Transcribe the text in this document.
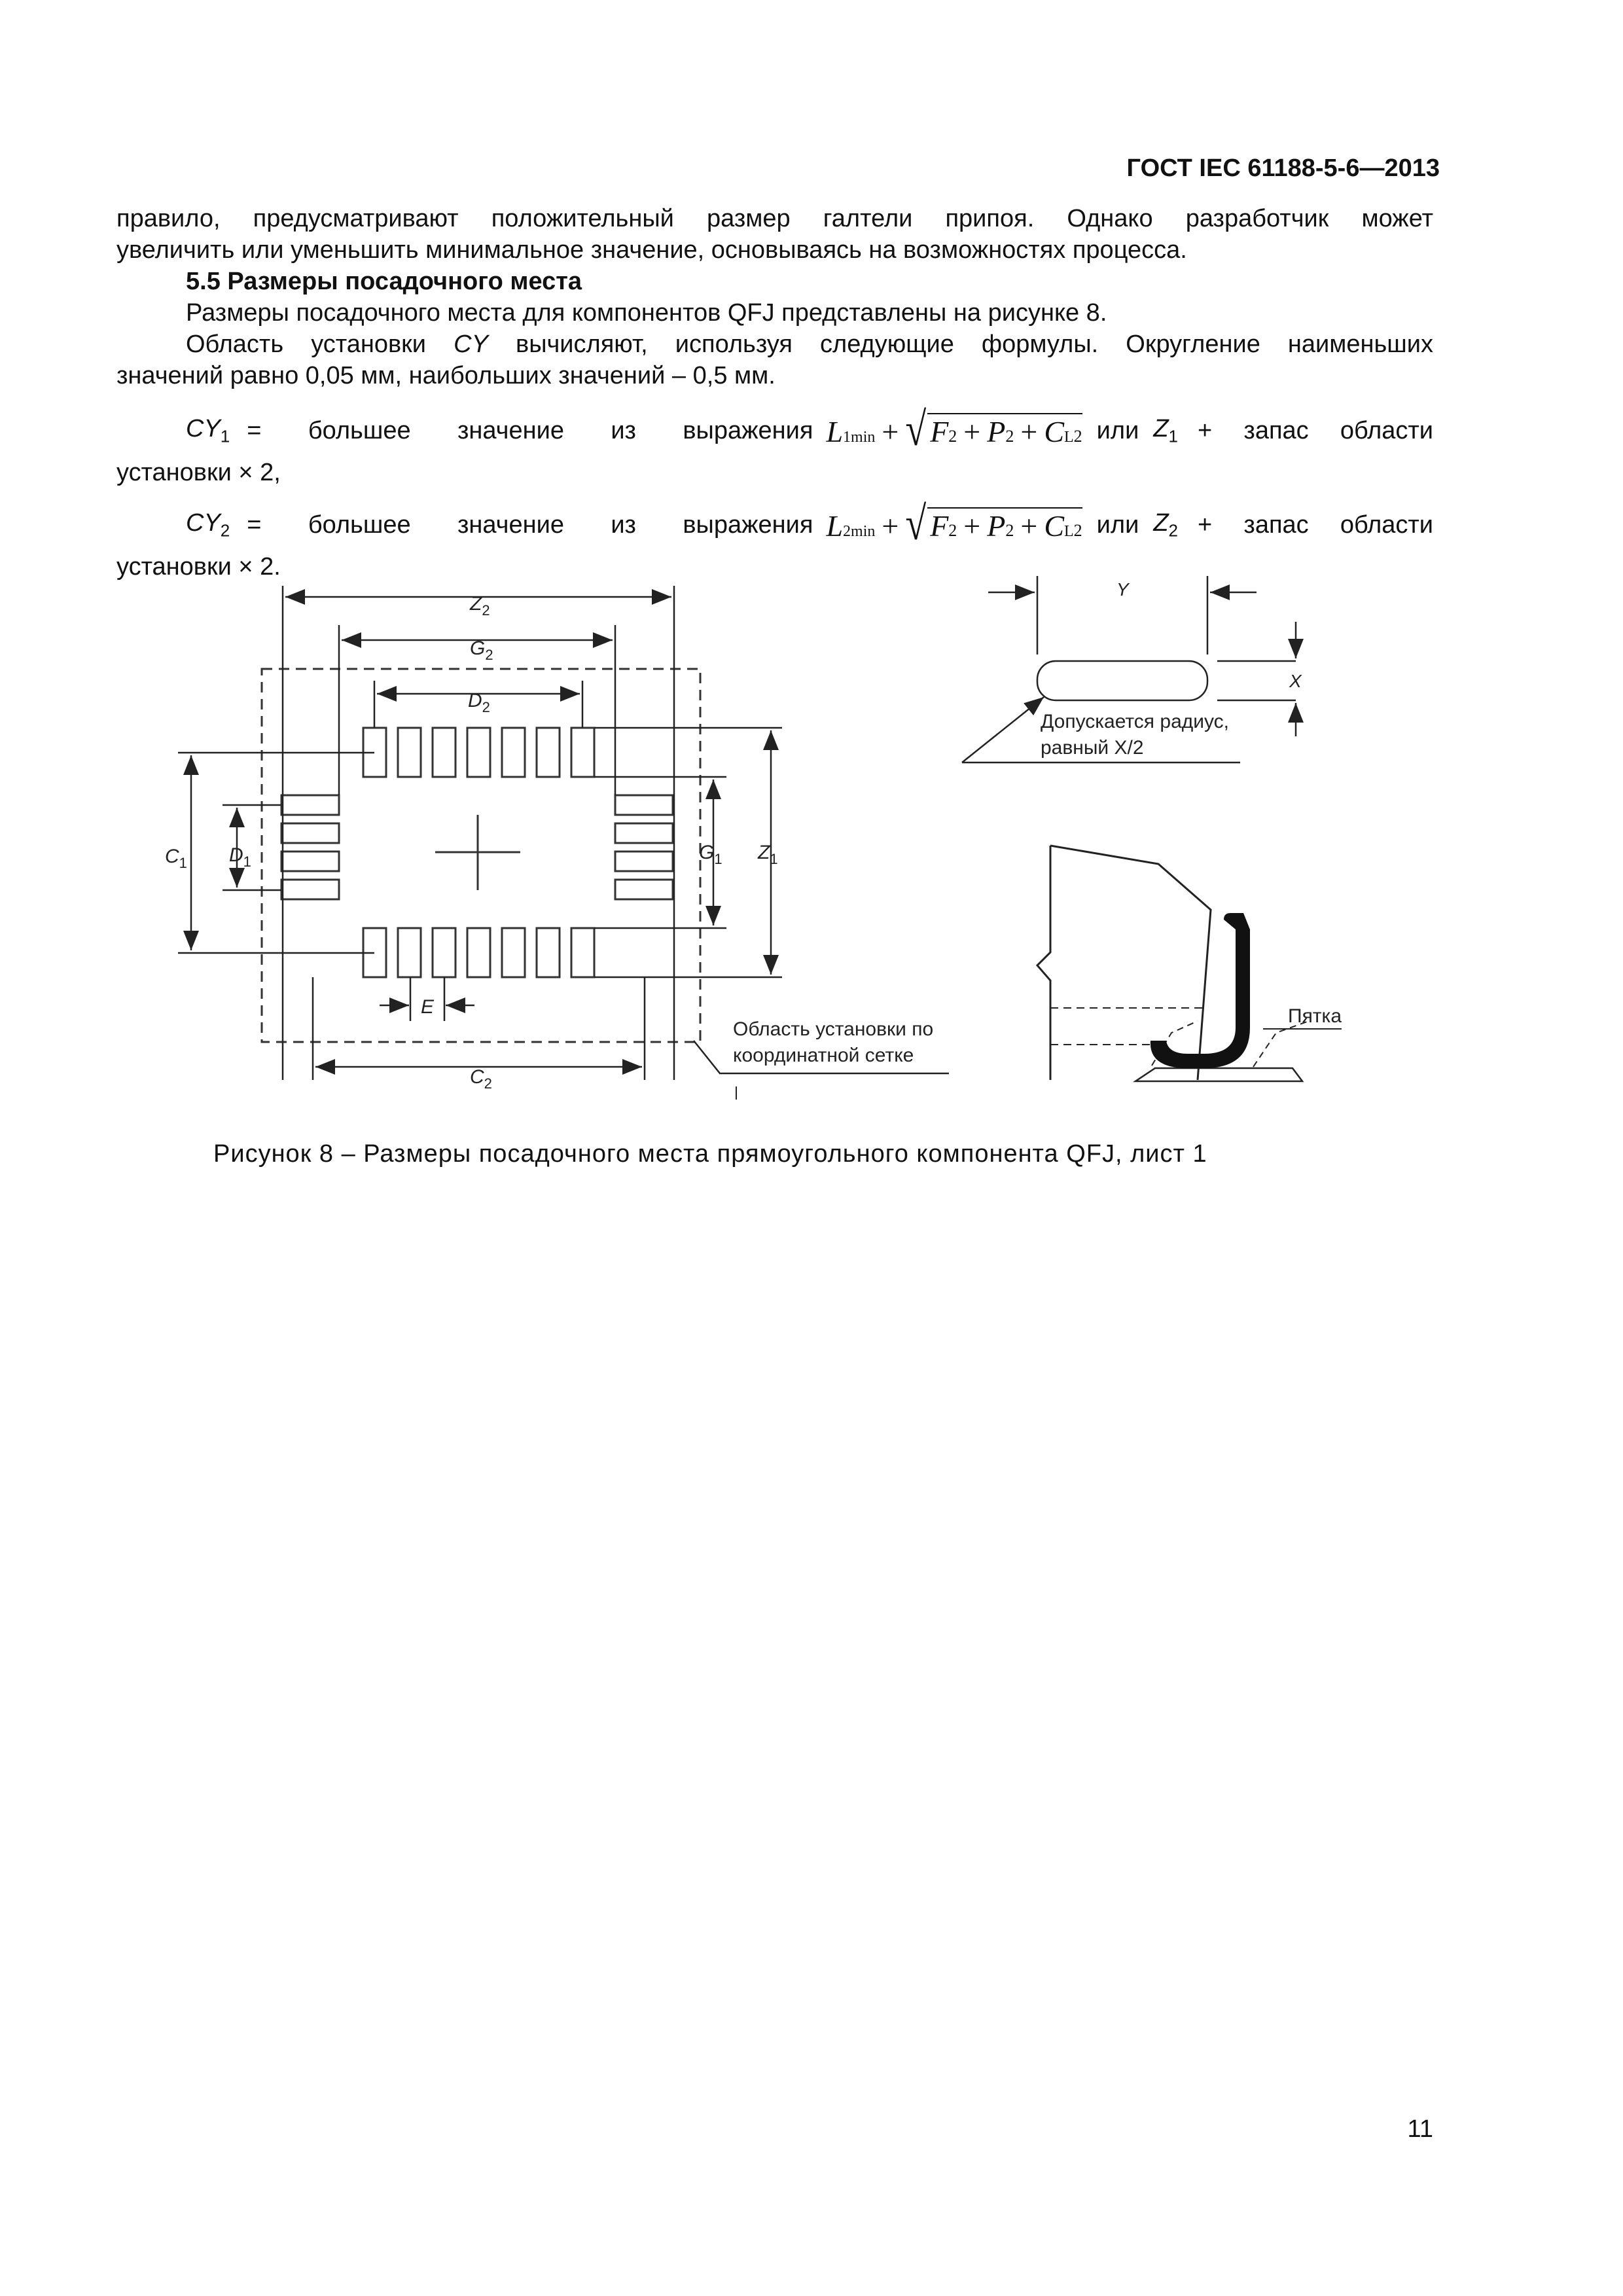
ГОСТ IEC 61188-5-6—2013
правило, предусматривают положительный размер галтели припоя. Однако разработчик может
увеличить или уменьшить минимальное значение, основываясь на возможностях процесса.
5.5 Размеры посадочного места
Размеры посадочного места для компонентов QFJ представлены на рисунке 8.
Область установки CY вычисляют, используя следующие формулы. Округление наименьших
значений равно 0,05 мм, наибольших значений – 0,5 мм.
$CY_1$ = большее значение из выражения L 1min + √ F 2 + P 2 + C L 2 или $Z_1$ + запас области
установки × 2,
$CY_2$ = большее значение из выражения L 2min + √ F 2 + P 2 + C L 2 или $Z_2$ + запас области
установки × 2.
$Z_2$
$G_2$
$D_2$
$C_1$ $D_1$	$G_1$ $Z_1$
E
$C_2$
Область установки по
координатной сетке
Y
X
Допускается радиус,
равный X/2
Пятка
Рисунок 8 – Размеры посадочного места прямоугольного компонента QFJ, лист 1
11
